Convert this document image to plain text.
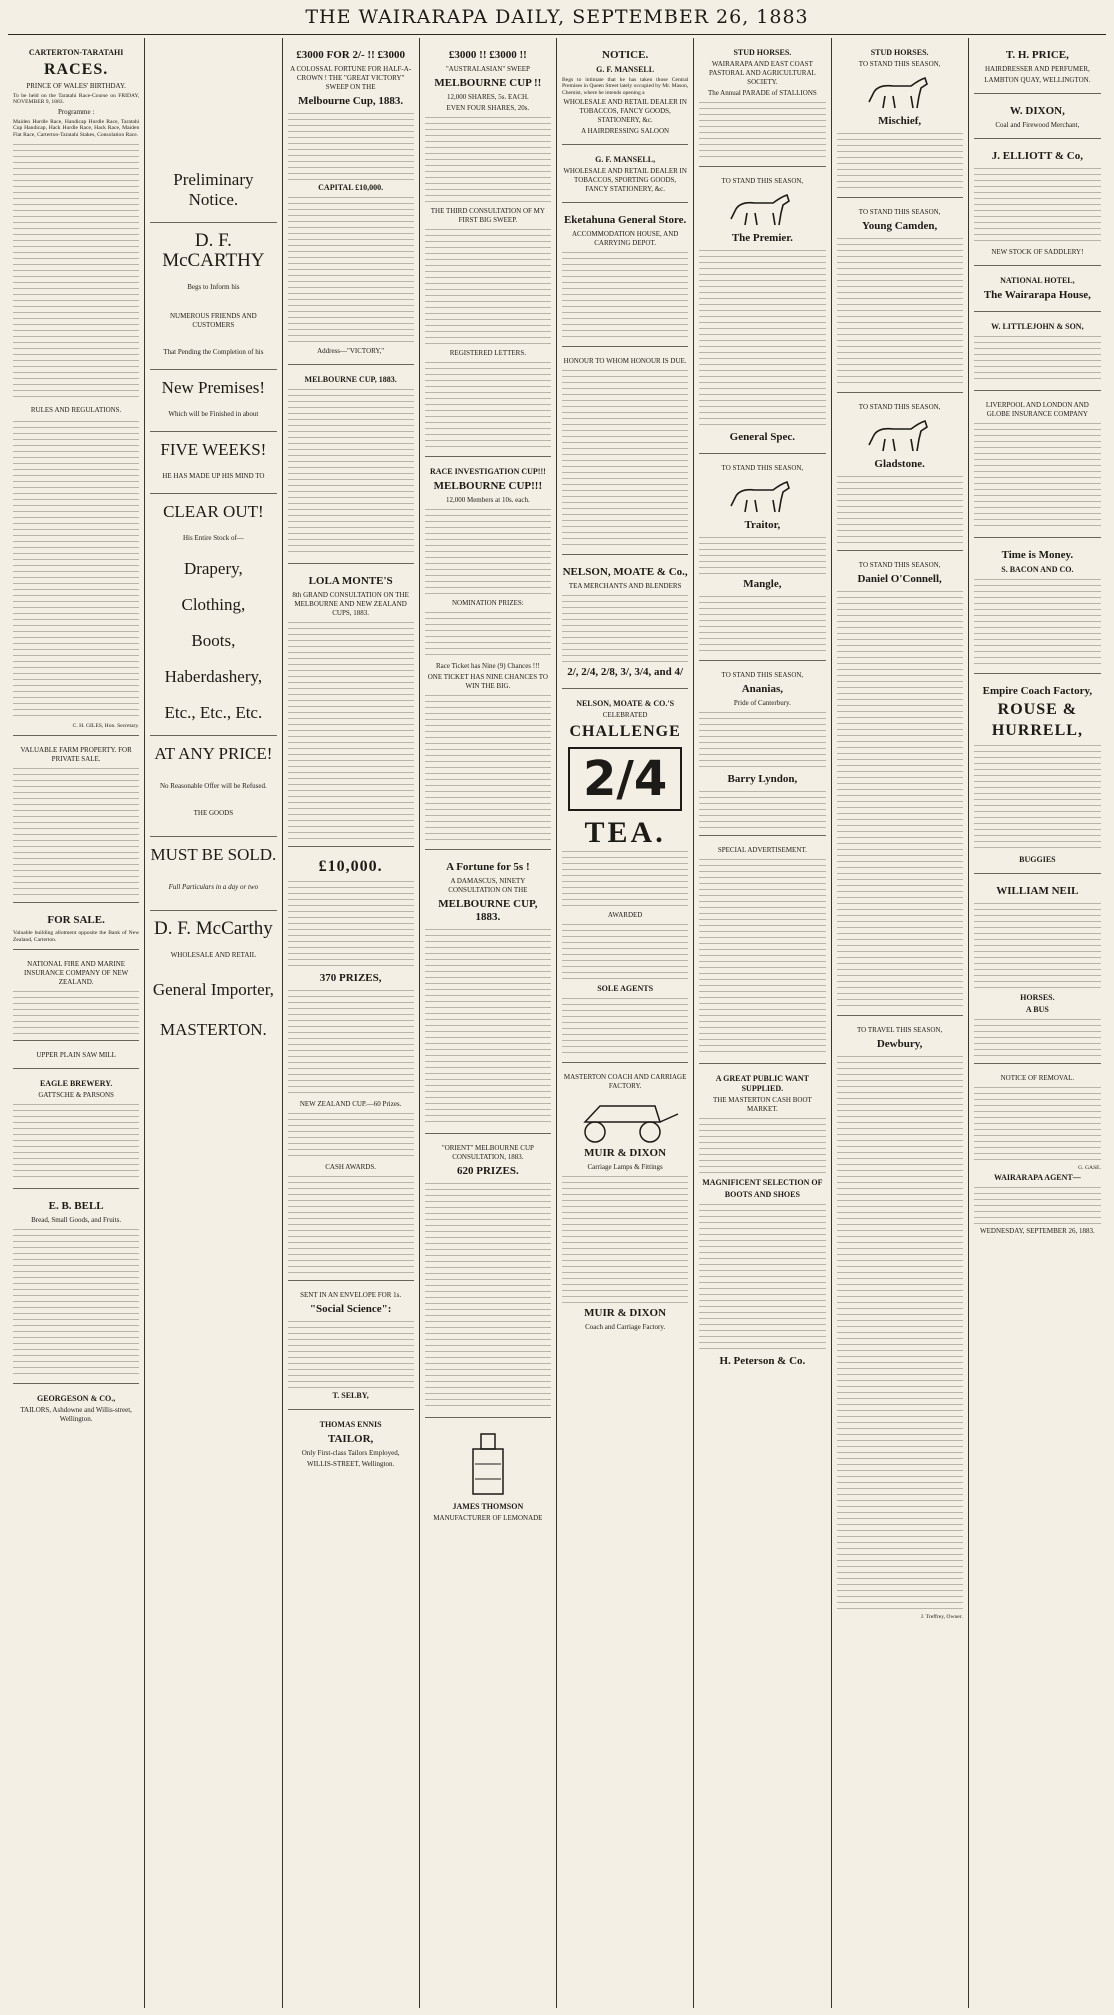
THE WAIRARAPA DAILY, SEPTEMBER 26, 1883
CARTERTON-TARATAHI
RACES.
PRINCE OF WALES' BIRTHDAY.
To be held on the Taratahi Race-Course on FRIDAY, NOVEMBER 9, 1883.
Programme :
Maiden Hurdle Race, Handicap Hurdle Race, Taratahi Cup Handicap, Hack Hurdle Race, Hack Race, Maiden Flat Race, Carterton-Taratahi Stakes, Consolation Race.
RULES AND REGULATIONS.
C. H. GILES, Hon. Secretary.
VALUABLE FARM PROPERTY. FOR PRIVATE SALE.
FOR SALE.
Valuable building allotment opposite the Bank of New Zealand, Carterton.
NATIONAL FIRE AND MARINE INSURANCE COMPANY OF NEW ZEALAND.
UPPER PLAIN SAW MILL
EAGLE BREWERY.
GATTSCHE & PARSONS
E. B. BELL
Bread, Small Goods, and Fruits.
GEORGESON & CO.,
TAILORS, Ashdowne and Willis-street, Wellington.
Preliminary Notice.
D. F. McCARTHY
Begs to Inform his
NUMEROUS FRIENDS AND CUSTOMERS
That Pending the Completion of his
New Premises!
Which will be Finished in about
FIVE WEEKS!
HE HAS MADE UP HIS MIND TO
CLEAR OUT!
His Entire Stock of—
Drapery,
Clothing,
Boots,
Haberdashery,
Etc., Etc., Etc.
AT ANY PRICE!
No Reasonable Offer will be Refused.
THE GOODS
MUST BE SOLD.
Full Particulars in a day or two
D. F. McCarthy
WHOLESALE AND RETAIL
General Importer,
MASTERTON.
£3000 FOR 2/- !! £3000
A COLOSSAL FORTUNE FOR HALF-A-CROWN ! THE "GREAT VICTORY" SWEEP ON THE
Melbourne Cup, 1883.
CAPITAL £10,000.
Address—"VICTORY,"
MELBOURNE CUP, 1883.
LOLA MONTE'S
8th GRAND CONSULTATION ON THE MELBOURNE AND NEW ZEALAND CUPS, 1883.
£10,000.
370 PRIZES,
NEW ZEALAND CUP.—60 Prizes.
CASH AWARDS.
SENT IN AN ENVELOPE FOR 1s.
"Social Science":
T. SELBY,
THOMAS ENNIS
TAILOR,
Only First-class Tailors Employed,
WILLIS-STREET, Wellington.
£3000 !! £3000 !!
"AUSTRALASIAN" SWEEP
MELBOURNE CUP !!
12,000 SHARES, 5s. EACH.
EVEN FOUR SHARES, 20s.
THE THIRD CONSULTATION OF MY FIRST BIG SWEEP.
REGISTERED LETTERS.
RACE INVESTIGATION CUP!!!
MELBOURNE CUP!!!
12,000 Members at 10s. each.
NOMINATION PRIZES:
Race Ticket has Nine (9) Chances !!!
ONE TICKET HAS NINE CHANCES TO WIN THE BIG.
A Fortune for 5s !
A DAMASCUS, NINETY CONSULTATION ON THE
MELBOURNE CUP, 1883.
"ORIENT" MELBOURNE CUP CONSULTATION, 1883.
620 PRIZES.
JAMES THOMSON
MANUFACTURER OF LEMONADE
NOTICE.
G. F. MANSELL
Begs to intimate that he has taken those Central Premises in Queen Street lately occupied by Mr. Mason, Chemist, where he intends opening a
WHOLESALE AND RETAIL DEALER IN TOBACCOS, FANCY GOODS, STATIONERY, &c.
A HAIRDRESSING SALOON
G. F. MANSELL,
WHOLESALE AND RETAIL DEALER IN TOBACCOS, SPORTING GOODS, FANCY STATIONERY, &c.
Eketahuna General Store.
ACCOMMODATION HOUSE, AND CARRYING DEPOT.
HONOUR TO WHOM HONOUR IS DUE.
NELSON, MOATE & Co.,
TEA MERCHANTS AND BLENDERS
2/, 2/4, 2/8, 3/, 3/4, and 4/
NELSON, MOATE & CO.'S
CELEBRATED
CHALLENGE
2/4
TEA.
AWARDED
SOLE AGENTS
MASTERTON COACH AND CARRIAGE FACTORY.
MUIR & DIXON
Carriage Lamps & Fittings
MUIR & DIXON
Coach and Carriage Factory.
STUD HORSES.
WAIRARAPA AND EAST COAST PASTORAL AND AGRICULTURAL SOCIETY.
The Annual PARADE of STALLIONS
TO STAND THIS SEASON,
The Premier.
General Spec.
TO STAND THIS SEASON,
Traitor,
Mangle,
TO STAND THIS SEASON,
Ananias,
Pride of Canterbury.
Barry Lyndon,
SPECIAL ADVERTISEMENT.
A GREAT PUBLIC WANT SUPPLIED.
THE MASTERTON CASH BOOT MARKET.
MAGNIFICENT SELECTION OF
BOOTS AND SHOES
H. Peterson & Co.
STUD HORSES.
TO STAND THIS SEASON,
Mischief,
TO STAND THIS SEASON,
Young Camden,
TO STAND THIS SEASON,
Gladstone.
TO STAND THIS SEASON,
Daniel O'Connell,
TO TRAVEL THIS SEASON,
Dewbury,
J. Treffrey, Owner.
T. H. PRICE,
HAIRDRESSER AND PERFUMER,
LAMBTON QUAY, WELLINGTON.
W. DIXON,
Coal and Firewood Merchant,
J. ELLIOTT & Co,
NEW STOCK OF SADDLERY!
NATIONAL HOTEL,
The Wairarapa House,
W. LITTLEJOHN & SON,
LIVERPOOL AND LONDON AND GLOBE INSURANCE COMPANY
Time is Money.
S. BACON AND CO.
Empire Coach Factory,
ROUSE &
HURRELL,
BUGGIES
WILLIAM NEIL
HORSES.
A BUS
NOTICE OF REMOVAL.
G. GASE.
WAIRARAPA AGENT—
WEDNESDAY, SEPTEMBER 26, 1883.
